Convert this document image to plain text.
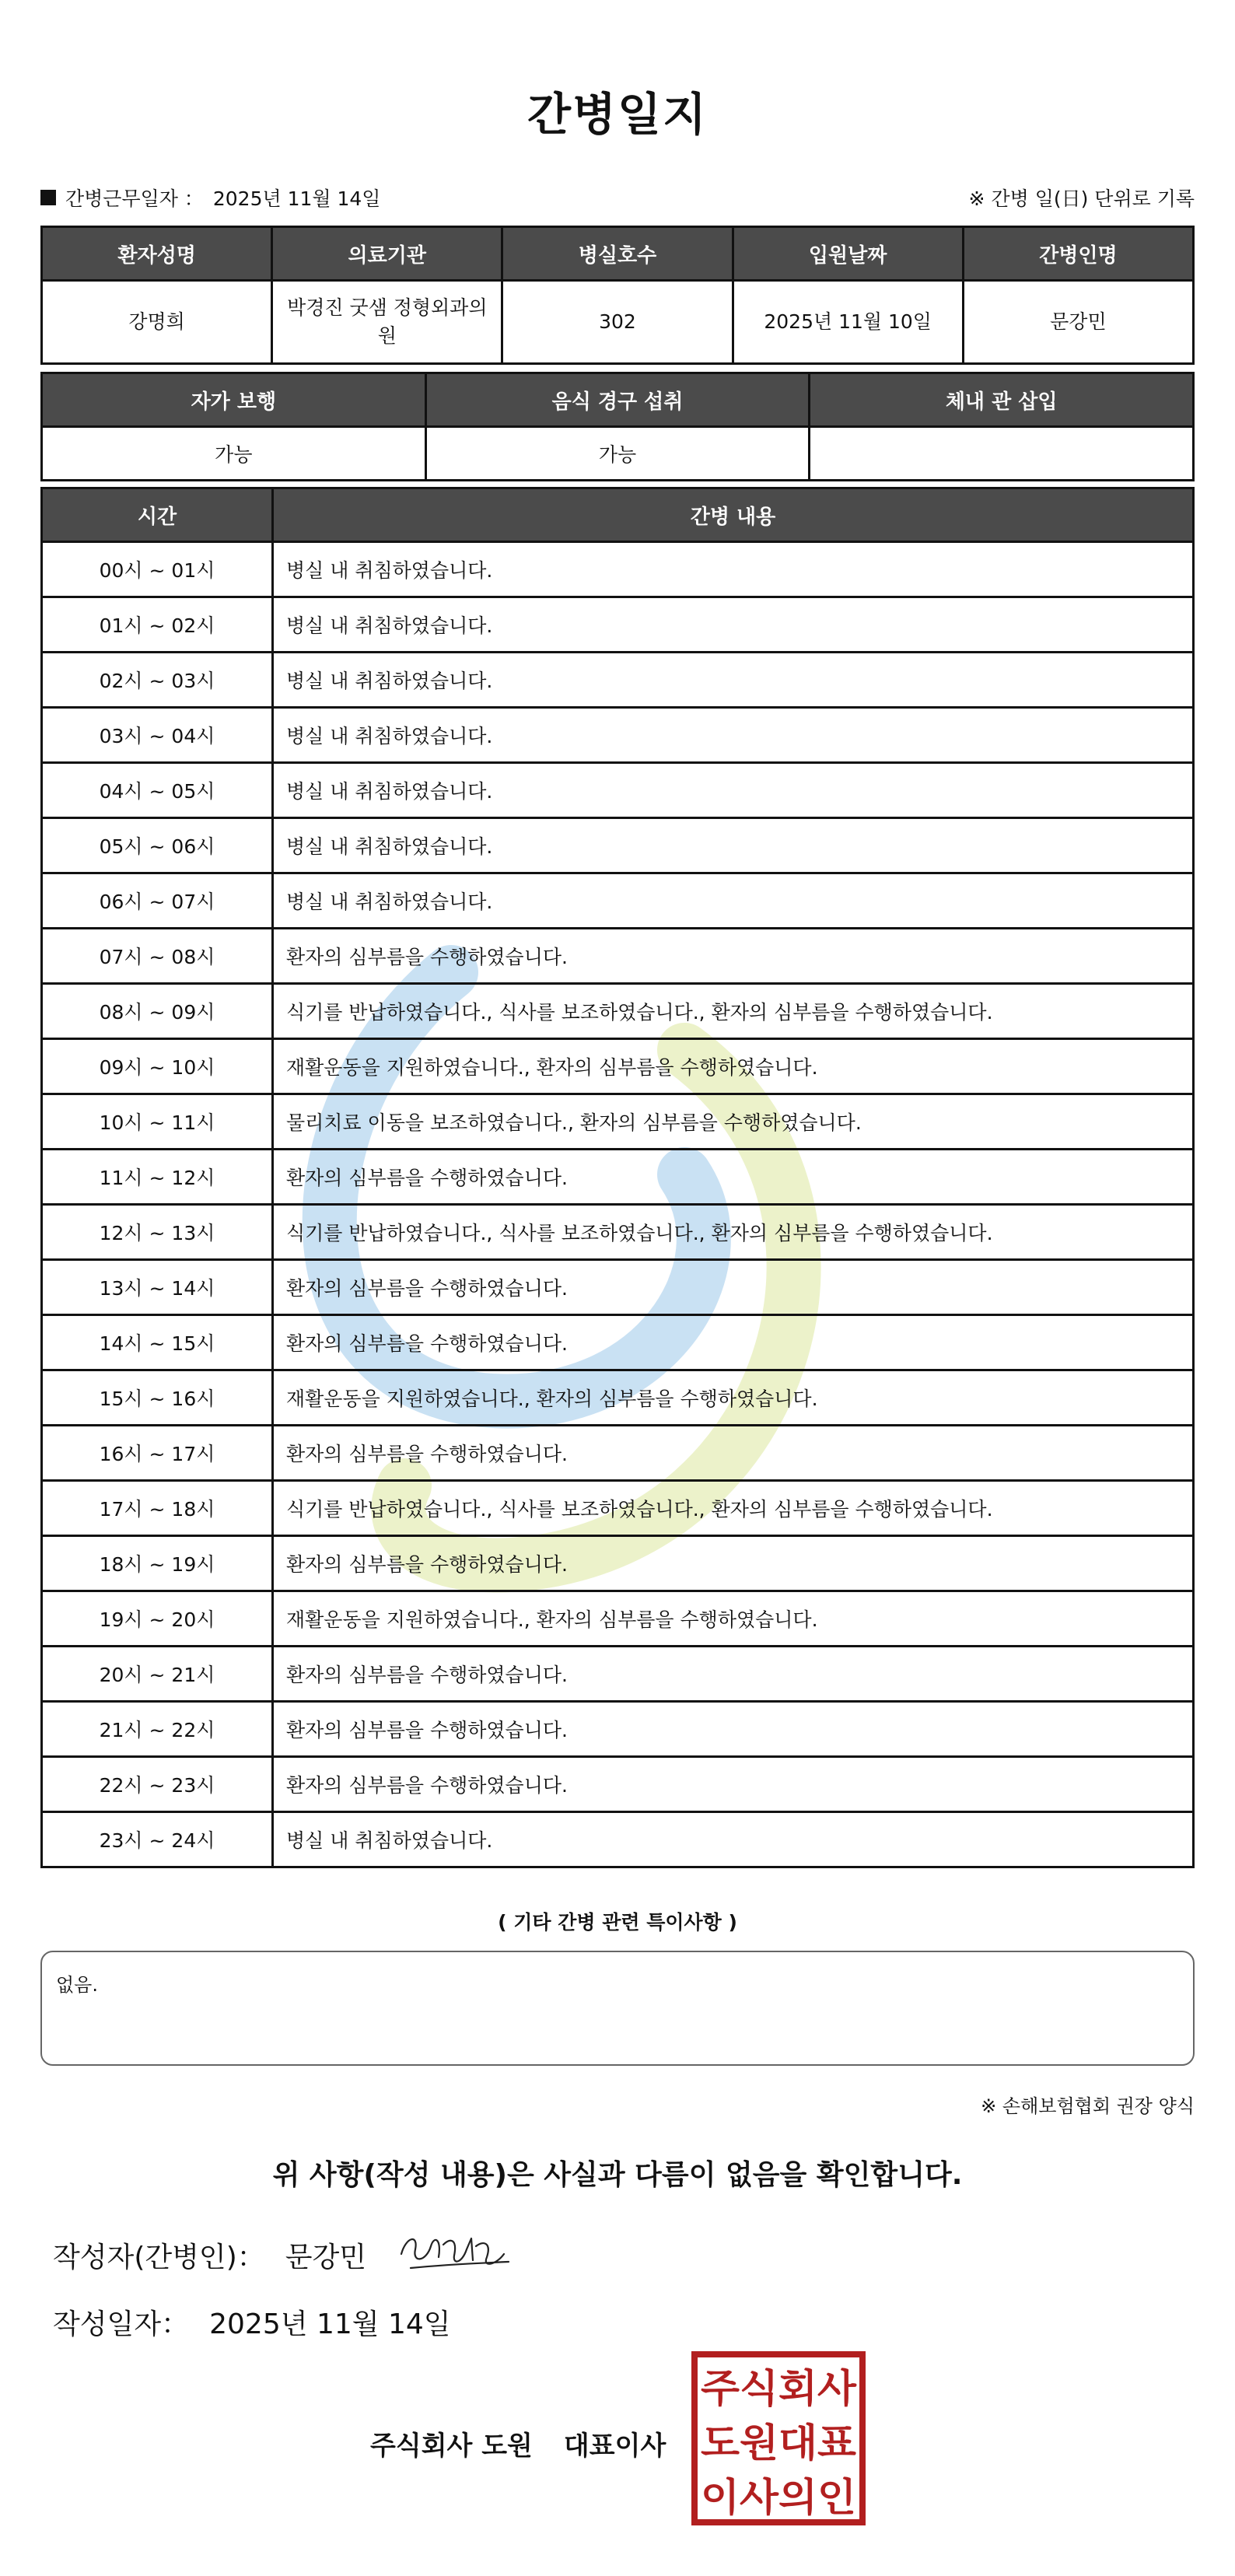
간병일지
간병근무일자 ： 2025년 11월 14일	※ 간병 일(日) 단위로 기록
환자성명	의료기관	병실호수	입원날짜	간병인명
강명희	박경진 굿샘 정형외과의원	302	2025년 11월 10일	문강민
자가 보행	음식 경구 섭취	체내 관 삽입
가능	가능	
시간	간병 내용
00시 ~ 01시	병실 내 취침하였습니다.
01시 ~ 02시	병실 내 취침하였습니다.
02시 ~ 03시	병실 내 취침하였습니다.
03시 ~ 04시	병실 내 취침하였습니다.
04시 ~ 05시	병실 내 취침하였습니다.
05시 ~ 06시	병실 내 취침하였습니다.
06시 ~ 07시	병실 내 취침하였습니다.
07시 ~ 08시	환자의 심부름을 수행하였습니다.
08시 ~ 09시	식기를 반납하였습니다., 식사를 보조하였습니다., 환자의 심부름을 수행하였습니다.
09시 ~ 10시	재활운동을 지원하였습니다., 환자의 심부름을 수행하였습니다.
10시 ~ 11시	물리치료 이동을 보조하였습니다., 환자의 심부름을 수행하였습니다.
11시 ~ 12시	환자의 심부름을 수행하였습니다.
12시 ~ 13시	식기를 반납하였습니다., 식사를 보조하였습니다., 환자의 심부름을 수행하였습니다.
13시 ~ 14시	환자의 심부름을 수행하였습니다.
14시 ~ 15시	환자의 심부름을 수행하였습니다.
15시 ~ 16시	재활운동을 지원하였습니다., 환자의 심부름을 수행하였습니다.
16시 ~ 17시	환자의 심부름을 수행하였습니다.
17시 ~ 18시	식기를 반납하였습니다., 식사를 보조하였습니다., 환자의 심부름을 수행하였습니다.
18시 ~ 19시	환자의 심부름을 수행하였습니다.
19시 ~ 20시	재활운동을 지원하였습니다., 환자의 심부름을 수행하였습니다.
20시 ~ 21시	환자의 심부름을 수행하였습니다.
21시 ~ 22시	환자의 심부름을 수행하였습니다.
22시 ~ 23시	환자의 심부름을 수행하였습니다.
23시 ~ 24시	병실 내 취침하였습니다.
( 기타 간병 관련 특이사항 )
없음.
※ 손해보험협회 권장 양식
위 사항(작성 내용)은 사실과 다름이 없음을 확인합니다.
작성자(간병인)： 문강민
작성일자： 2025년 11월 14일
주식회사 도원 대표이사
주식회사
도원대표
이사의인
